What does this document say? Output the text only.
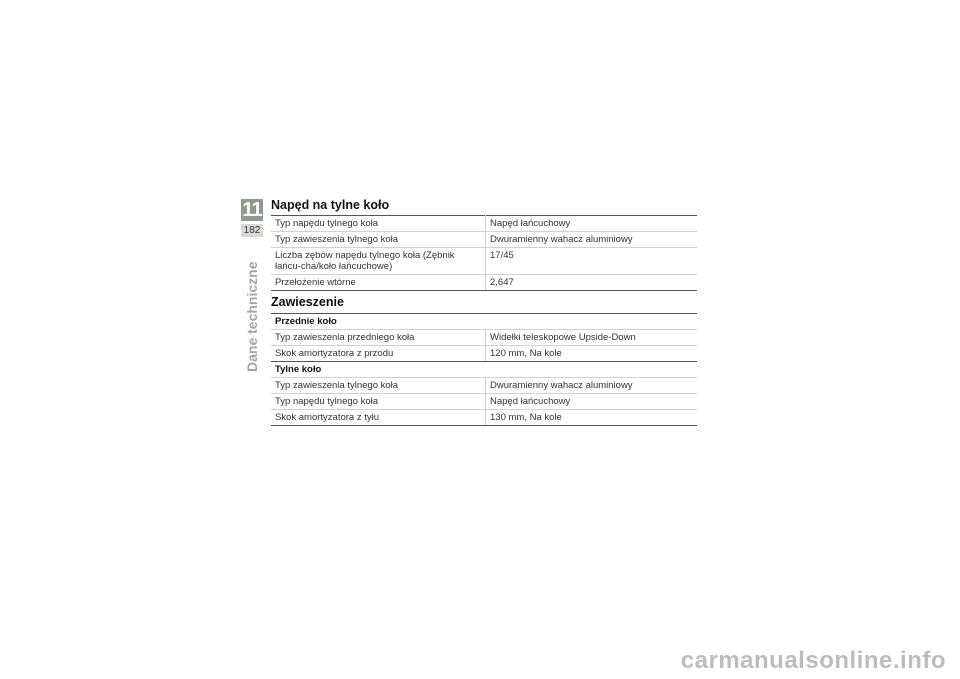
11
182
Dane techniczne
Napęd na tylne koło
Typ napędu tylnego koła	Napęd łańcuchowy
Typ zawieszenia tylnego koła	Dwuramienny wahacz aluminiowy
Liczba zębów napędu tylnego koła (Zębnik łańcu-cha/koło łańcuchowe)	17/45
Przełożenie wtórne	2,647
Zawieszenie
Przednie koło	
Typ zawieszenia przedniego koła	Widełki teleskopowe Upside-Down
Skok amortyzatora z przodu	120 mm, Na kole
Tylne koło	
Typ zawieszenia tylnego koła	Dwuramienny wahacz aluminiowy
Typ napędu tylnego koła	Napęd łańcuchowy
Skok amortyzatora z tyłu	130 mm, Na kole
carmanualsonline.info
